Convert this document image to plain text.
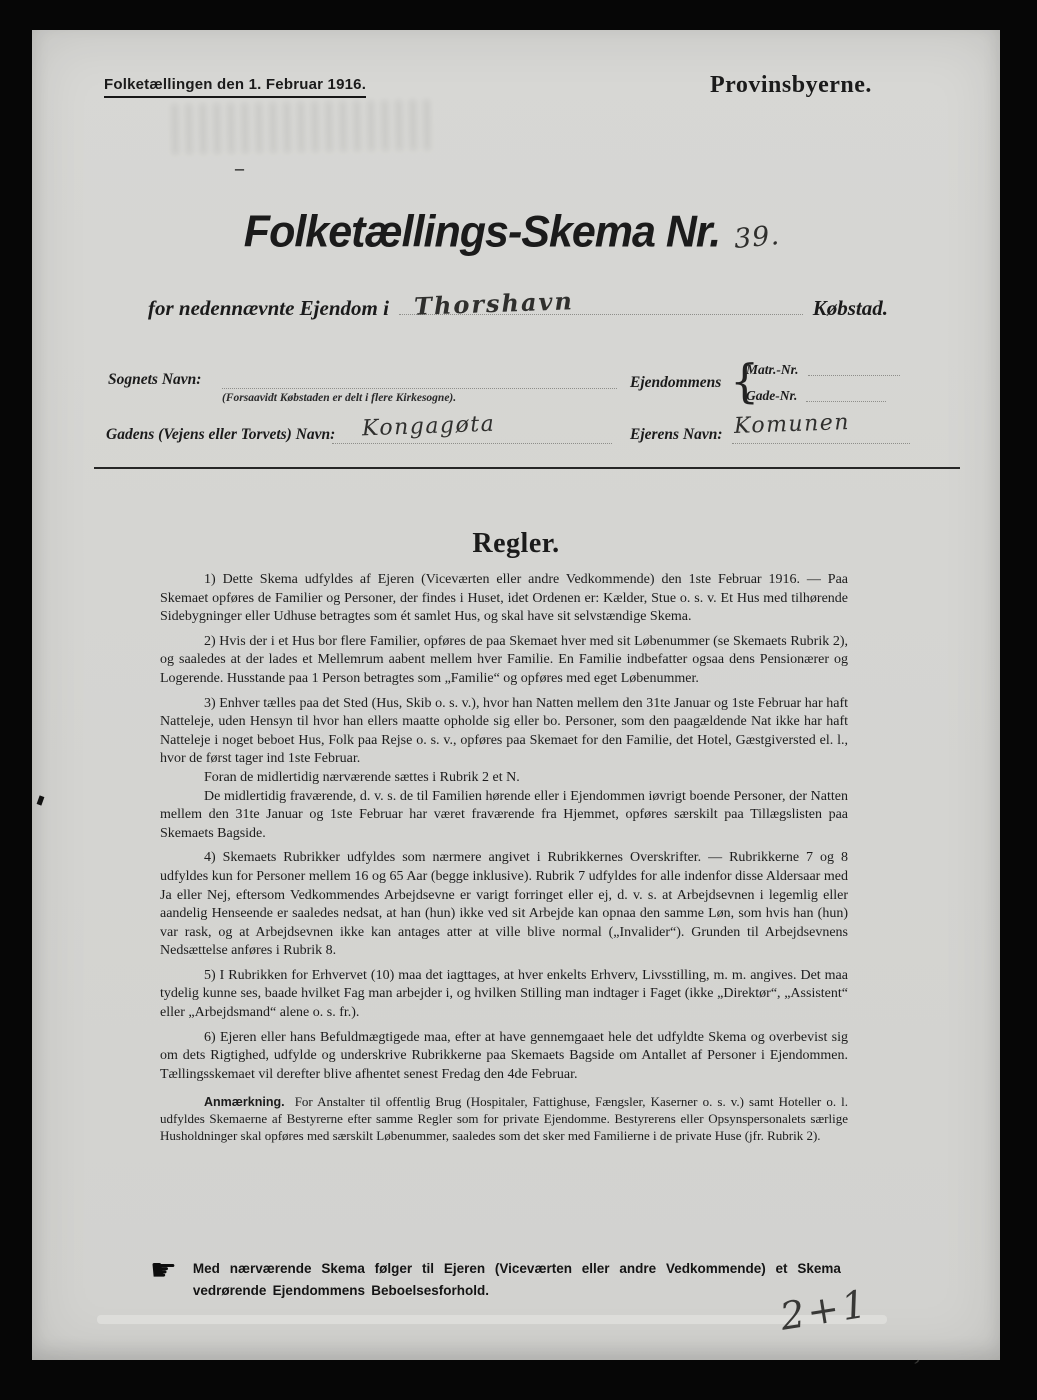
Folketællingen den 1. Februar 1916.	Provinsbyerne.
–
Folketællings-Skema Nr. 39.
for nedennævnte Ejendom i Thorshavn	Købstad.
Sognets Navn:
(Forsaavidt Købstaden er delt i flere Kirkesogne).
Ejendommens {
Matr.-Nr.
Gade-Nr.
Gadens (Vejens eller Torvets) Navn: Kongagøta	Ejerens Navn: Komunen
Regler.

1) Dette Skema udfyldes af Ejeren (Viceværten eller andre Vedkommende) den 1ste Februar 1916. — Paa Skemaet opføres de Familier og Personer, der findes i Huset, idet Ordenen er: Kælder, Stue o. s. v. Et Hus med tilhørende Sidebygninger eller Udhuse betragtes som ét samlet Hus, og skal have sit selvstændige Skema.

2) Hvis der i et Hus bor flere Familier, opføres de paa Skemaet hver med sit Løbenummer (se Skemaets Rubrik 2), og saaledes at der lades et Mellemrum aabent mellem hver Familie. En Familie indbefatter ogsaa dens Pensionærer og Logerende. Husstande paa 1 Person betragtes som „Familie“ og opføres med eget Løbenummer.

3) Enhver tælles paa det Sted (Hus, Skib o. s. v.), hvor han Natten mellem den 31te Januar og 1ste Februar har haft Natteleje, uden Hensyn til hvor han ellers maatte opholde sig eller bo. Personer, som den paagældende Nat ikke har haft Natteleje i noget beboet Hus, Folk paa Rejse o. s. v., opføres paa Skemaet for den Familie, det Hotel, Gæstgiversted el. l., hvor de først tager ind 1ste Februar.

Foran de midlertidig nærværende sættes i Rubrik 2 et N.

De midlertidig fraværende, d. v. s. de til Familien hørende eller i Ejendommen iøvrigt boende Personer, der Natten mellem den 31te Januar og 1ste Februar har været fraværende fra Hjemmet, opføres særskilt paa Tillægslisten paa Skemaets Bagside.

4) Skemaets Rubrikker udfyldes som nærmere angivet i Rubrikkernes Overskrifter. — Rubrikkerne 7 og 8 udfyldes kun for Personer mellem 16 og 65 Aar (begge inklusive). Rubrik 7 udfyldes for alle indenfor disse Aldersaar med Ja eller Nej, eftersom Vedkommendes Arbejdsevne er varigt forringet eller ej, d. v. s. at Arbejdsevnen i legemlig eller aandelig Henseende er saaledes nedsat, at han (hun) ikke ved sit Arbejde kan opnaa den samme Løn, som hvis han (hun) var rask, og at Arbejdsevnen ikke kan antages atter at ville blive normal („Invalider“). Grunden til Arbejdsevnens Nedsættelse anføres i Rubrik 8.

5) I Rubrikken for Erhvervet (10) maa det iagttages, at hver enkelts Erhverv, Livsstilling, m. m. angives. Det maa tydelig kunne ses, baade hvilket Fag man arbejder i, og hvilken Stilling man indtager i Faget (ikke „Direktør“, „Assistent“ eller „Arbejdsmand“ alene o. s. fr.).

6) Ejeren eller hans Befuldmægtigede maa, efter at have gennemgaaet hele det udfyldte Skema og overbevist sig om dets Rigtighed, udfylde og underskrive Rubrikkerne paa Skemaets Bagside om Antallet af Personer i Ejendommen. Tællingsskemaet vil derefter blive afhentet senest Fredag den 4de Februar.

Anmærkning. For Anstalter til offentlig Brug (Hospitaler, Fattighuse, Fængsler, Kaserner o. s. v.) samt Hoteller o. l. udfyldes Skemaerne af Bestyrerne efter samme Regler som for private Ejendomme. Bestyrerens eller Opsynspersonalets særlige Husholdninger skal opføres med særskilt Løbenummer, saaledes som det sker med Familierne i de private Huse (jfr. Rubrik 2).

☛ Med nærværende Skema følger til Ejeren (Viceværten eller andre Vedkommende) et Skema vedrørende Ejendommens Beboelsesforhold.	2+1
,
